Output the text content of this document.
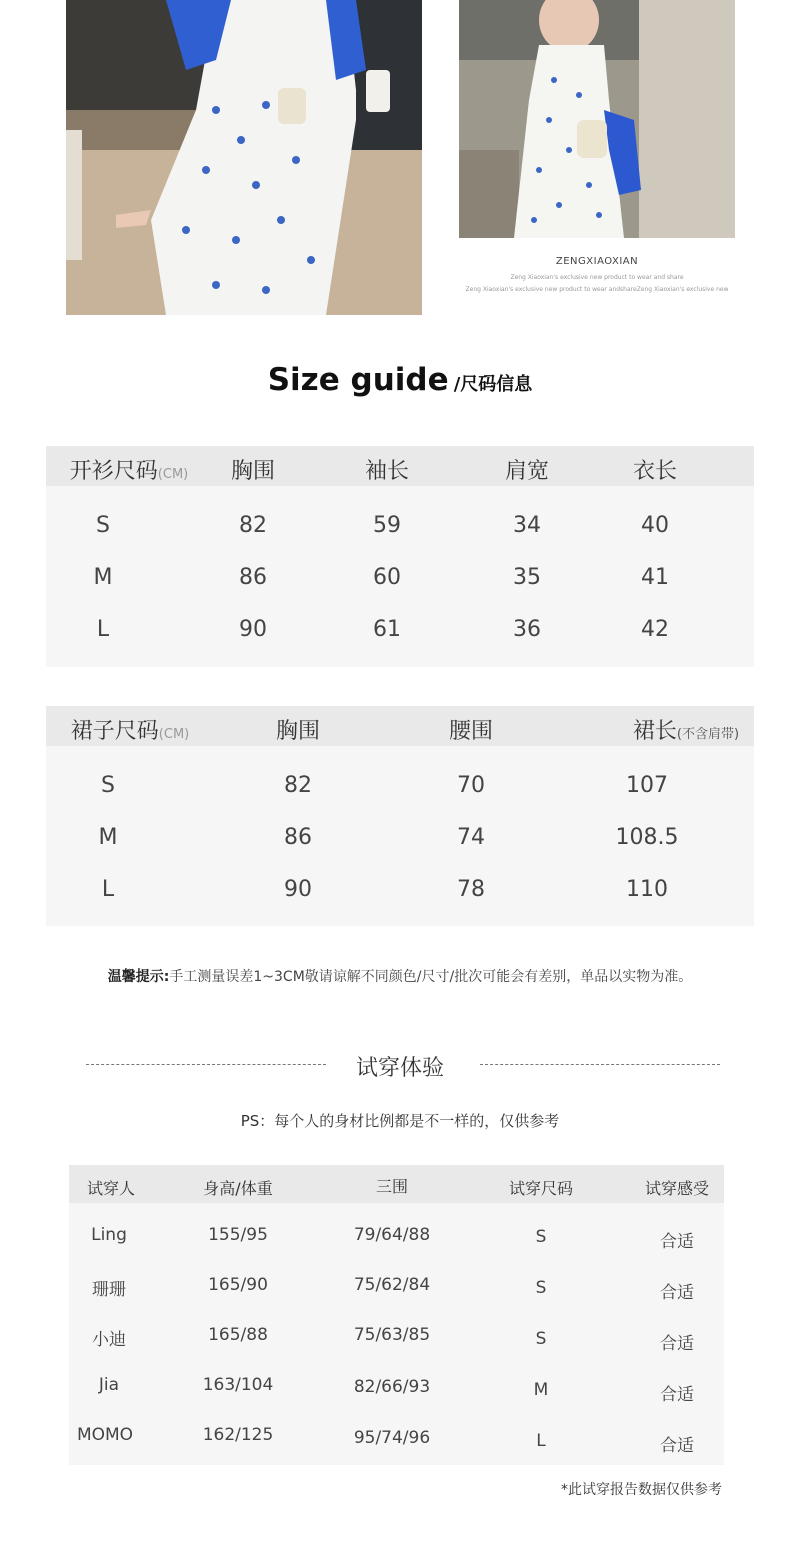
ZENGXIAOXIAN
Zeng Xiaoxian's exclusive new product to wear and share
Zeng Xiaoxian's exclusive new product to wear andshareZeng Xiaoxian's exclusive new
Size guide /尺码信息
开衫尺码(CM) 胸围	袖长	肩宽	衣长
S	82	59	34	40
M	86	60	35	41
L	90	61	36	42
裙子尺码(CM)	胸围	腰围	裙长(不含肩带)
S	82	70	107
M	86	74	108.5
L	90	78	110
温馨提示:手工测量误差1~3CM敬请谅解不同颜色/尺寸/批次可能会有差别，单品以实物为准。
试穿体验
PS：每个人的身材比例都是不一样的，仅供参考
试穿人	身高/体重	三围	试穿尺码	试穿感受
Ling	155/95	79/64/88	S	合适
珊珊	165/90	75/62/84	S	合适
小迪	165/88	75/63/85	S	合适
Jia	163/104	82/66/93	M	合适
MOMO	162/125	95/74/96	L	合适
*此试穿报告数据仅供参考
